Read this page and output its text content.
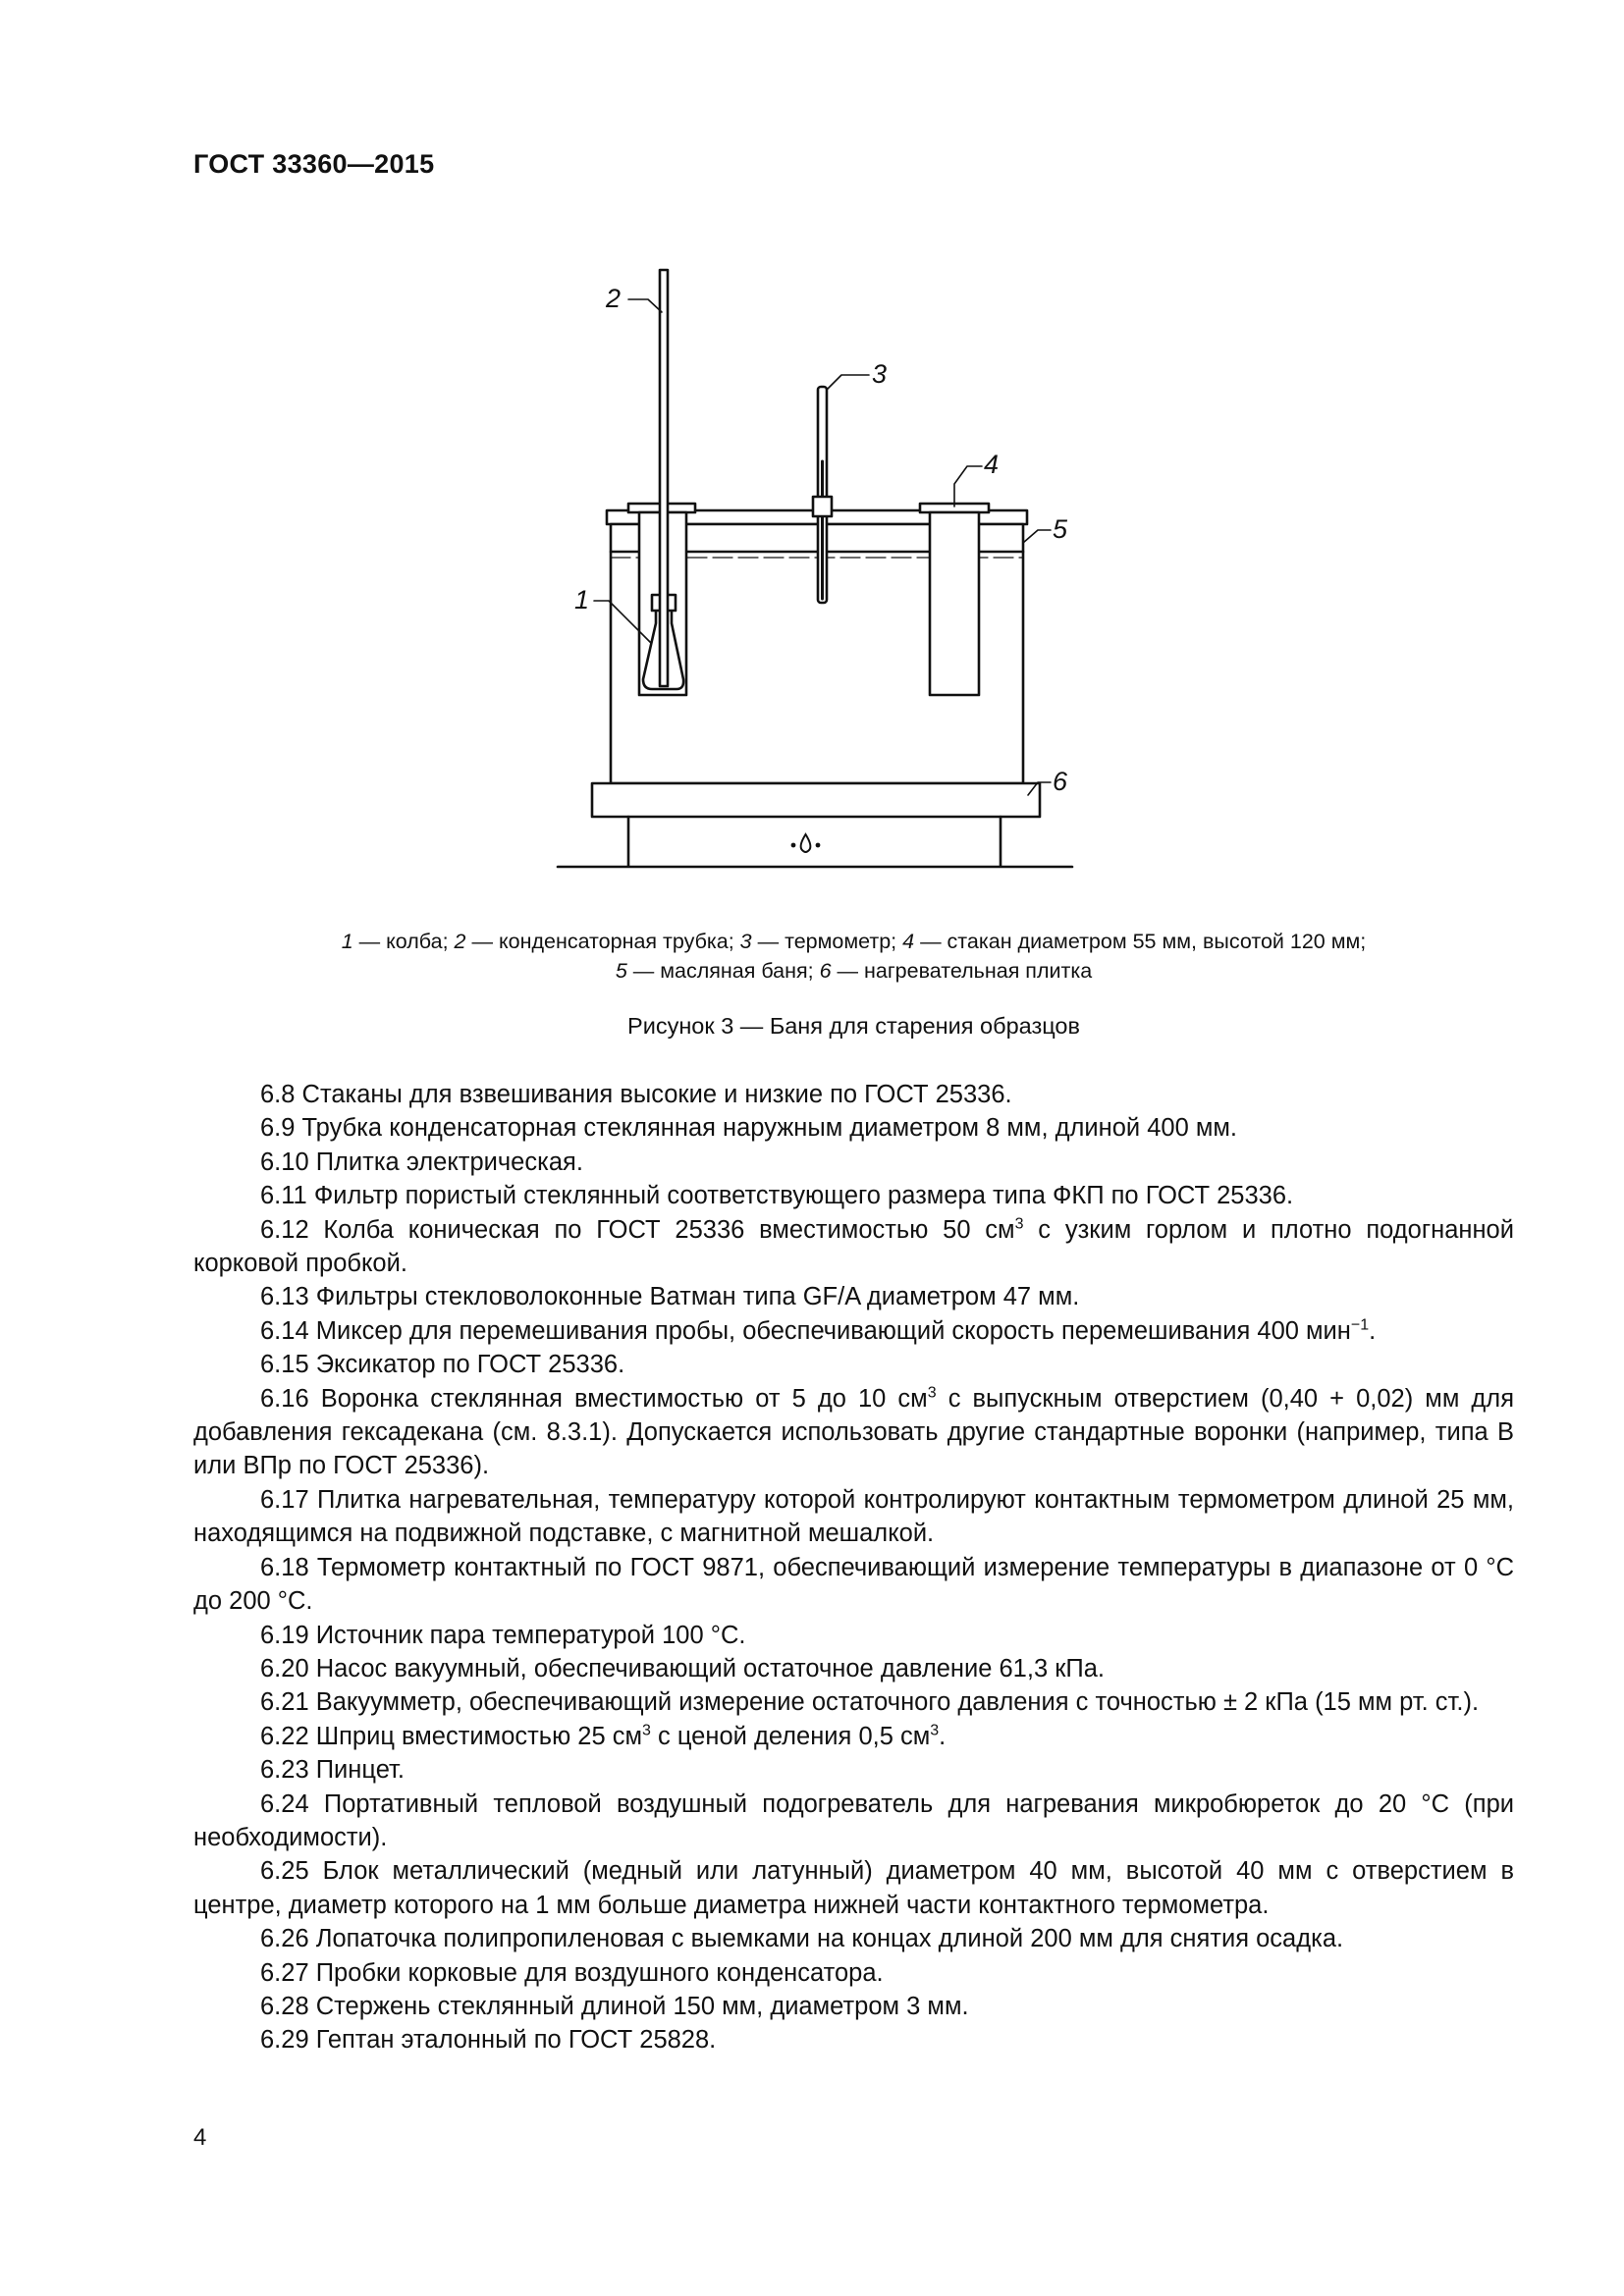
ГОСТ 33360—2015
2
3
4
5
6
1
1 — колба; 2 — конденсаторная трубка; 3 — термометр; 4 — стакан диаметром 55 мм, высотой 120 мм;
5 — масляная баня; 6 — нагревательная плитка
Рисунок 3 — Баня для старения образцов

6.8 Стаканы для взвешивания высокие и низкие по ГОСТ 25336.

6.9 Трубка конденсаторная стеклянная наружным диаметром 8 мм, длиной 400 мм.

6.10 Плитка электрическая.

6.11 Фильтр пористый стеклянный соответствующего размера типа ФКП по ГОСТ 25336.

6.12 Колба коническая по ГОСТ 25336 вместимостью 50 $см^3$ с узким горлом и плотно подогнанной корковой пробкой.

6.13 Фильтры стекловолоконные Ватман типа GF/A диаметром 47 мм.

6.14 Миксер для перемешивания пробы, обеспечивающий скорость перемешивания 400 мин$^{-1}$.

6.15 Эксикатор по ГОСТ 25336.

6.16 Воронка стеклянная вместимостью от 5 до 10 $см^3$ с выпускным отверстием (0,40 + 0,02) мм для добавления гексадекана (см. 8.3.1). Допускается использовать другие стандартные воронки (например, типа В или ВПр по ГОСТ 25336).

6.17 Плитка нагревательная, температуру которой контролируют контактным термометром длиной 25 мм, находящимся на подвижной подставке, с магнитной мешалкой.

6.18 Термометр контактный по ГОСТ 9871, обеспечивающий измерение температуры в диапазоне от 0 °С до 200 °С.

6.19 Источник пара температурой 100 °С.

6.20 Насос вакуумный, обеспечивающий остаточное давление 61,3 кПа.

6.21 Вакуумметр, обеспечивающий измерение остаточного давления с точностью ± 2 кПа (15 мм рт. ст.).

6.22 Шприц вместимостью 25 $см^3$ с ценой деления 0,5 $см^3$.

6.23 Пинцет.

6.24 Портативный тепловой воздушный подогреватель для нагревания микробюреток до 20 °С (при необходимости).

6.25 Блок металлический (медный или латунный) диаметром 40 мм, высотой 40 мм с отверстием в центре, диаметр которого на 1 мм больше диаметра нижней части контактного термометра.

6.26 Лопаточка полипропиленовая с выемками на концах длиной 200 мм для снятия осадка.

6.27 Пробки корковые для воздушного конденсатора.

6.28 Стержень стеклянный длиной 150 мм, диаметром 3 мм.

6.29 Гептан эталонный по ГОСТ 25828.

4
